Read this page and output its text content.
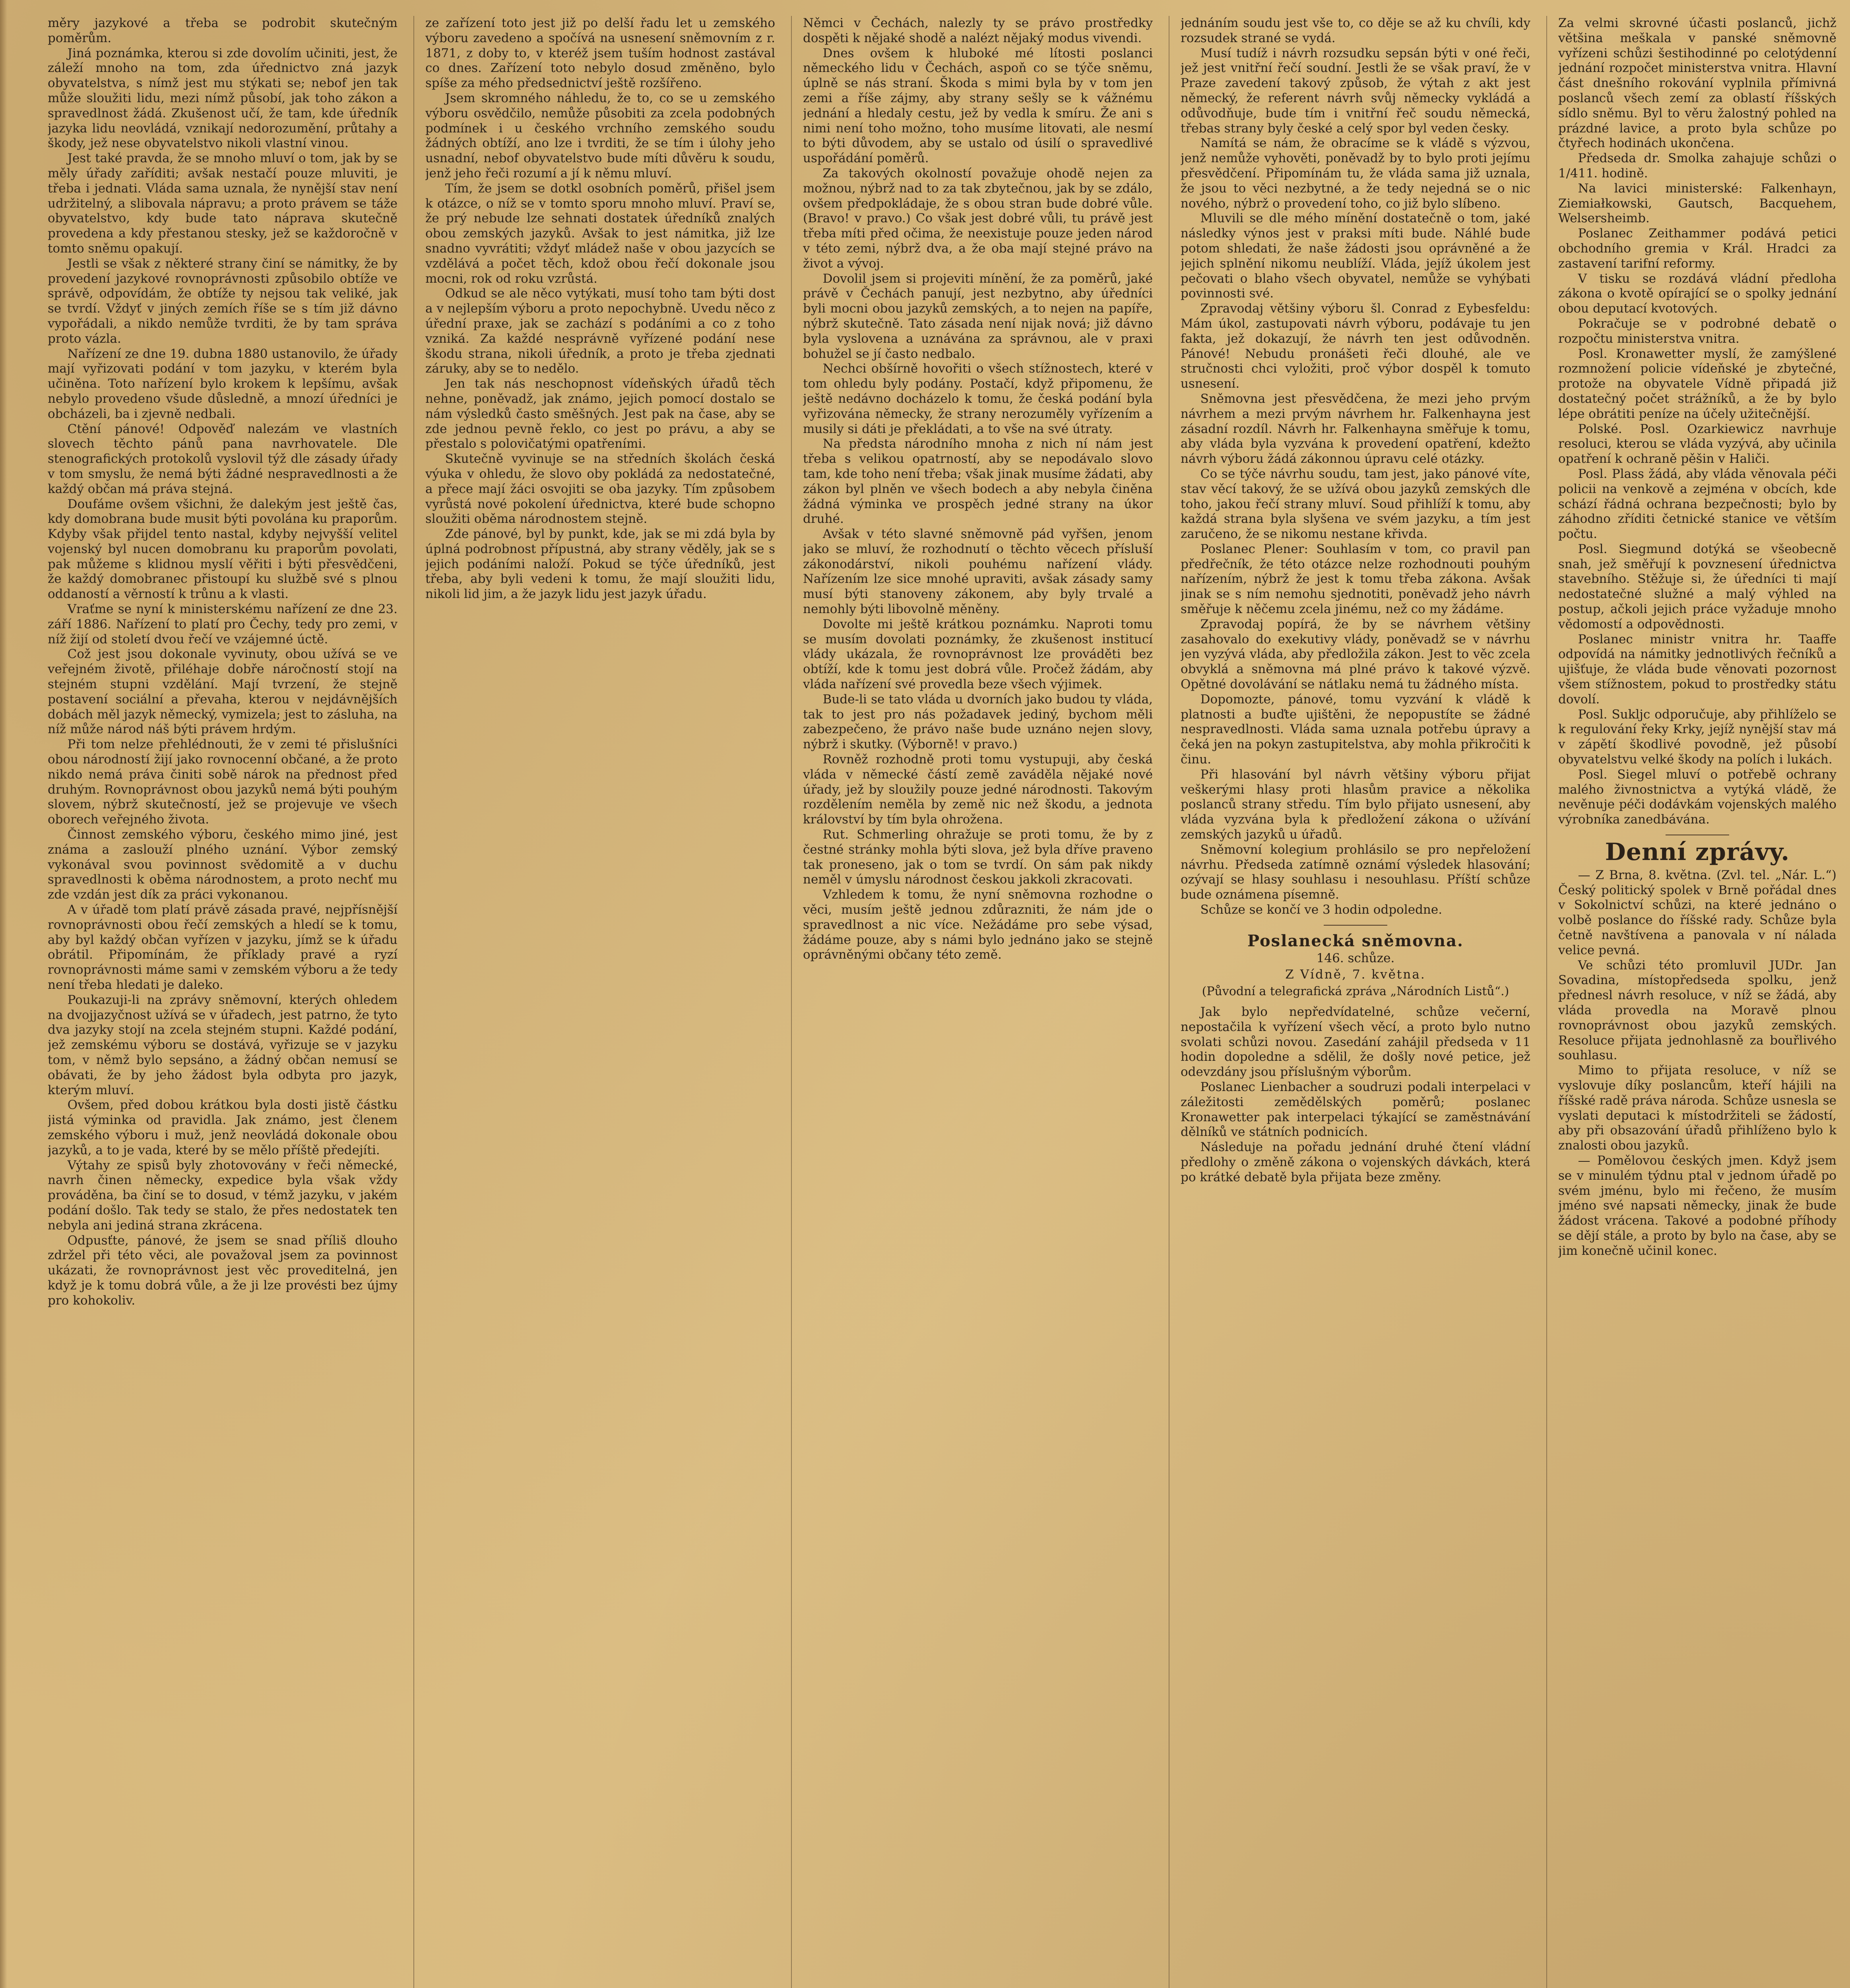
měry jazykové a třeba se podrobit skutečným poměrům.

Jiná poznámka, kterou si zde dovolím učiniti, jest, že záleží mnoho na tom, zda úřednictvo zná jazyk obyvatelstva, s nímž jest mu stýkati se; nebof jen tak může sloužiti lidu, mezi nímž působí, jak toho zákon a spravedlnost žádá. Zkušenost učí, že tam, kde úředník jazyka lidu neovládá, vznikají nedorozumění, průtahy a škody, jež nese obyvatelstvo nikoli vlastní vinou.

Jest také pravda, že se mnoho mluví o tom, jak by se měly úřady zaříditi; avšak nestačí pouze mluviti, je třeba i jednati. Vláda sama uznala, že nynější stav není udržitelný, a slibovala nápravu; a proto právem se táže obyvatelstvo, kdy bude tato náprava skutečně provedena a kdy přestanou stesky, jež se každoročně v tomto sněmu opakují.

Jestli se však z některé strany činí se námitky, že by provedení jazykové rovnoprávnosti způsobilo obtíže ve správě, odpovídám, že obtíže ty nejsou tak veliké, jak se tvrdí. Vždyť v jiných zemích říše se s tím již dávno vypořádali, a nikdo nemůže tvrditi, že by tam správa proto vázla.

Nařízení ze dne 19. dubna 1880 ustanovilo, že úřady mají vyřizovati podání v tom jazyku, v kterém byla učiněna. Toto nařízení bylo krokem k lepšímu, avšak nebylo provedeno všude důsledně, a mnozí úředníci je obcházeli, ba i zjevně nedbali.

Ctění pánové! Odpověď nalezám ve vlastních slovech těchto pánů pana navrhovatele. Dle stenografických protokolů vyslovil týž dle zásady úřady v tom smyslu, že nemá býti žádné nespravedlnosti a že každý občan má práva stejná.

Doufáme ovšem všichni, že dalekým jest ještě čas, kdy domobrana bude musit býti povolána ku praporům. Kdyby však přijdel tento nastal, kdyby nejvyšší velitel vojenský byl nucen domobranu ku praporům povolati, pak můžeme s klidnou myslí věřiti i býti přesvědčeni, že každý domobranec přistoupí ku službě své s plnou oddaností a věrností k trůnu a k vlasti.

Vraťme se nyní k ministerskému nařízení ze dne 23. září 1886. Nařízení to platí pro Čechy, tedy pro zemi, v níž žijí od století dvou řečí ve vzájemné úctě.

Což jest jsou dokonale vyvinuty, obou užívá se ve veřejném životě, přiléhaje dobře náročností stojí na stejném stupni vzdělání. Mají tvrzení, že stejně postavení sociální a převaha, kterou v nejdávnějších dobách měl jazyk německý, vymizela; jest to zásluha, na níž může národ náš býti právem hrdým.

Při tom nelze přehlédnouti, že v zemi té přislušníci obou národností žijí jako rovnocenní občané, a že proto nikdo nemá práva činiti sobě nárok na přednost před druhým. Rovnoprávnost obou jazyků nemá býti pouhým slovem, nýbrž skutečností, jež se projevuje ve všech oborech veřejného života.

Činnost zemského výboru, českého mimo jiné, jest známa a zaslouží plného uznání. Výbor zemský vykonával svou povinnost svědomitě a v duchu spravedlnosti k oběma národnostem, a proto nechť mu zde vzdán jest dík za práci vykonanou.

A v úřadě tom platí právě zásada pravé, nejpřísnější rovnoprávnosti obou řečí zemských a hledí se k tomu, aby byl každý občan vyřízen v jazyku, jímž se k úřadu obrátil. Připomínám, že příklady pravé a ryzí rovnoprávnosti máme sami v zemském výboru a že tedy není třeba hledati je daleko.

Poukazuji-li na zprávy sněmovní, kterých ohledem na dvojjazyčnost užívá se v úřadech, jest patrno, že tyto dva jazyky stojí na zcela stejném stupni. Každé podání, jež zemskému výboru se dostává, vyřizuje se v jazyku tom, v němž bylo sepsáno, a žádný občan nemusí se obávati, že by jeho žádost byla odbyta pro jazyk, kterým mluví.

Ovšem, před dobou krátkou byla dosti jistě částku jistá výminka od pravidla. Jak známo, jest členem zemského výboru i muž, jenž neovládá dokonale obou jazyků, a to je vada, které by se mělo příště předejíti.

Výtahy ze spisů byly zhotovovány v řeči německé, navrh činen německy, expedice byla však vždy prováděna, ba činí se to dosud, v témž jazyku, v jakém podání došlo. Tak tedy se stalo, že přes nedostatek ten nebyla ani jediná strana zkrácena.

Odpusťte, pánové, že jsem se snad příliš dlouho zdržel při této věci, ale považoval jsem za povinnost ukázati, že rovnoprávnost jest věc proveditelná, jen když je k tomu dobrá vůle, a že ji lze provésti bez újmy pro kohokoliv.

ze zařízení toto jest již po delší řadu let u zemského výboru zavedeno a spočívá na usnesení sněmovním z r. 1871, z doby to, v kteréž jsem tuším hodnost zastával co dnes. Zařízení toto nebylo dosud změněno, bylo spíše za mého předsednictví ještě rozšířeno.

Jsem skromného náhledu, že to, co se u zemského výboru osvědčilo, nemůže působiti za zcela podobných podmínek i u českého vrchního zemského soudu žádných obtíží, ano lze i tvrditi, že se tím i úlohy jeho usnadní, nebof obyvatelstvo bude míti důvěru k soudu, jenž jeho řeči rozumí a jí k němu mluví.

Tím, že jsem se dotkl osobních poměrů, přišel jsem k otázce, o níž se v tomto sporu mnoho mluví. Praví se, že prý nebude lze sehnati dostatek úředníků znalých obou zemských jazyků. Avšak to jest námitka, již lze snadno vyvrátiti; vždyť mládež naše v obou jazycích se vzdělává a počet těch, kdož obou řečí dokonale jsou mocni, rok od roku vzrůstá.

Odkud se ale něco vytýkati, musí toho tam býti dost a v nejlepším výboru a proto nepochybně. Uvedu něco z úřední praxe, jak se zachází s podáními a co z toho vzniká. Za každé nesprávně vyřízené podání nese škodu strana, nikoli úředník, a proto je třeba zjednati záruky, aby se to nedělo.

Jen tak nás neschopnost vídeňských úřadů těch nehne, poněvadž, jak známo, jejich pomocí dostalo se nám výsledků často směšných. Jest pak na čase, aby se zde jednou pevně řeklo, co jest po právu, a aby se přestalo s polovičatými opatřeními.

Skutečně vyvinuje se na středních školách česká výuka v ohledu, že slovo oby pokládá za nedostatečné, a přece mají žáci osvojiti se oba jazyky. Tím způsobem vyrůstá nové pokolení úřednictva, které bude schopno sloužiti oběma národnostem stejně.

Zde pánové, byl by punkt, kde, jak se mi zdá byla by úplná podrobnost přípustná, aby strany věděly, jak se s jejich podáními naloží. Pokud se týče úředníků, jest třeba, aby byli vedeni k tomu, že mají sloužiti lidu, nikoli lid jim, a že jazyk lidu jest jazyk úřadu.

Němci v Čechách, nalezly ty se právo prostředky dospěti k nějaké shodě a nalézt nějaký modus vivendi.

Dnes ovšem k hluboké mé lítosti poslanci německého lidu v Čechách, aspoň co se týče sněmu, úplně se nás straní. Škoda s mimi byla by v tom jen zemi a říše zájmy, aby strany sešly se k vážnému jednání a hledaly cestu, jež by vedla k smíru. Že ani s nimi není toho možno, toho musíme litovati, ale nesmí to býti důvodem, aby se ustalo od úsilí o spravedlivé uspořádání poměrů.

Za takových okolností považuje ohodě nejen za možnou, nýbrž nad to za tak zbytečnou, jak by se zdálo, ovšem předpokládaje, že s obou stran bude dobré vůle. (Bravo! v pravo.) Co však jest dobré vůli, tu právě jest třeba míti před očima, že neexistuje pouze jeden národ v této zemi, nýbrž dva, a že oba mají stejné právo na život a vývoj.

Dovolil jsem si projeviti mínění, že za poměrů, jaké právě v Čechách panují, jest nezbytno, aby úředníci byli mocni obou jazyků zemských, a to nejen na papíře, nýbrž skutečně. Tato zásada není nijak nová; již dávno byla vyslovena a uznávána za správnou, ale v praxi bohužel se jí často nedbalo.

Nechci obšírně hovořiti o všech stížnostech, které v tom ohledu byly podány. Postačí, když připomenu, že ještě nedávno docházelo k tomu, že česká podání byla vyřizována německy, že strany nerozuměly vyřízením a musily si dáti je překládati, a to vše na své útraty.

Na předsta národního mnoha z nich ní nám jest třeba s velikou opatrností, aby se nepodávalo slovo tam, kde toho není třeba; však jinak musíme žádati, aby zákon byl plněn ve všech bodech a aby nebyla činěna žádná výminka ve prospěch jedné strany na úkor druhé.

Avšak v této slavné sněmovně pád vyřšen, jenom jako se mluví, že rozhodnutí o těchto věcech přísluší zákonodárství, nikoli pouhému nařízení vlády. Nařízením lze sice mnohé upraviti, avšak zásady samy musí býti stanoveny zákonem, aby byly trvalé a nemohly býti libovolně měněny.

Dovolte mi ještě krátkou poznámku. Naproti tomu se musím dovolati poznámky, že zkušenost institucí vlády ukázala, že rovnoprávnost lze prováděti bez obtíží, kde k tomu jest dobrá vůle. Pročež žádám, aby vláda nařízení své provedla beze všech výjimek.

Bude-li se tato vláda u dvorních jako budou ty vláda, tak to jest pro nás požadavek jediný, bychom měli zabezpečeno, že právo naše bude uznáno nejen slovy, nýbrž i skutky. (Výborně! v pravo.)

Rovněž rozhodně proti tomu vystupuji, aby česká vláda v německé částí země zaváděla nějaké nové úřady, jež by sloužily pouze jedné národnosti. Takovým rozdělením neměla by země nic než škodu, a jednota království by tím byla ohrožena.

Rut. Schmerling ohražuje se proti tomu, že by z čestné stránky mohla býti slova, jež byla dříve praveno tak proneseno, jak o tom se tvrdí. On sám pak nikdy neměl v úmyslu národnost českou jakkoli zkracovati.

Vzhledem k tomu, že nyní sněmovna rozhodne o věci, musím ještě jednou zdůrazniti, že nám jde o spravedlnost a nic více. Nežádáme pro sebe výsad, žádáme pouze, aby s námi bylo jednáno jako se stejně oprávněnými občany této země.

jednáním soudu jest vše to, co děje se až ku chvíli, kdy rozsudek strané se vydá.

Musí tudíž i návrh rozsudku sepsán býti v oné řeči, jež jest vnitřní řečí soudní. Jestli že se však praví, že v Praze zavedení takový způsob, že výtah z akt jest německý, že referent návrh svůj německy vykládá a odůvodňuje, bude tím i vnitřní řeč soudu německá, třebas strany byly české a celý spor byl veden česky.

Namítá se nám, že obracíme se k vládě s výzvou, jenž nemůže vyhověti, poněvadž by to bylo proti jejímu přesvědčení. Připomínám tu, že vláda sama již uznala, že jsou to věci nezbytné, a že tedy nejedná se o nic nového, nýbrž o provedení toho, co již bylo slíbeno.

Mluvili se dle mého mínění dostatečně o tom, jaké následky výnos jest v praksi míti bude. Náhlé bude potom shledati, že naše žádosti jsou oprávněné a že jejich splnění nikomu neublíží. Vláda, jejíž úkolem jest pečovati o blaho všech obyvatel, nemůže se vyhýbati povinnosti své.

Zpravodaj většiny výboru šl. Conrad z Eybesfeldu: Mám úkol, zastupovati návrh výboru, podávaje tu jen fakta, jež dokazují, že návrh ten jest odůvodněn. Pánové! Nebudu pronášeti řeči dlouhé, ale ve stručnosti chci vyložiti, proč výbor dospěl k tomuto usnesení.

Sněmovna jest přesvědčena, že mezi jeho prvým návrhem a mezi prvým návrhem hr. Falkenhayna jest zásadní rozdíl. Návrh hr. Falkenhayna směřuje k tomu, aby vláda byla vyzvána k provedení opatření, kdežto návrh výboru žádá zákonnou úpravu celé otázky.

Co se týče návrhu soudu, tam jest, jako pánové víte, stav věcí takový, že se užívá obou jazyků zemských dle toho, jakou řečí strany mluví. Soud přihlíží k tomu, aby každá strana byla slyšena ve svém jazyku, a tím jest zaručeno, že se nikomu nestane křivda.

Poslanec Plener: Souhlasím v tom, co pravil pan předřečník, že této otázce nelze rozhodnouti pouhým nařízením, nýbrž že jest k tomu třeba zákona. Avšak jinak se s ním nemohu sjednotiti, poněvadž jeho návrh směřuje k něčemu zcela jinému, než co my žádáme.

Zpravodaj popírá, že by se návrhem většiny zasahovalo do exekutivy vlády, poněvadž se v návrhu jen vyzývá vláda, aby předložila zákon. Jest to věc zcela obvyklá a sněmovna má plné právo k takové výzvě. Opětné dovolávání se nátlaku nemá tu žádného místa.

Dopomozte, pánové, tomu vyzvání k vládě k platnosti a buďte ujištěni, že nepopustíte se žádné nespravedlnosti. Vláda sama uznala potřebu úpravy a čeká jen na pokyn zastupitelstva, aby mohla přikročiti k činu.

Při hlasování byl návrh většiny výboru přijat veškerými hlasy proti hlasům pravice a několika poslanců strany středu. Tím bylo přijato usnesení, aby vláda vyzvána byla k předložení zákona o užívání zemských jazyků u úřadů.

Sněmovní kolegium prohlásilo se pro nepřeložení návrhu. Předseda zatímně oznámí výsledek hlasování; ozývají se hlasy souhlasu i nesouhlasu. Příští schůze bude oznámena písemně.

Schůze se končí ve 3 hodin odpoledne.

Poslanecká sněmovna.
146. schůze.
Z Vídně, 7. května.
(Původní a telegrafická zpráva „Národních Listů“.)

Jak bylo nepředvídatelné, schůze večerní, nepostačila k vyřízení všech věcí, a proto bylo nutno svolati schůzi novou. Zasedání zahájil předseda v 11 hodin dopoledne a sdělil, že došly nové petice, jež odevzdány jsou příslušným výborům.

Poslanec Lienbacher a soudruzi podali interpelaci v záležitosti zemědělských poměrů; poslanec Kronawetter pak interpelaci týkající se zaměstnávání dělníků ve státních podnicích.

Následuje na pořadu jednání druhé čtení vládní předlohy o změně zákona o vojenských dávkách, která po krátké debatě byla přijata beze změny.

Za velmi skrovné účasti poslanců, jichž většina meškala v panské sněmovně vyřízeni schůzi šestihodinné po celotýdenní jednání rozpočet ministerstva vnitra. Hlavní část dnešního rokování vyplnila přímivná poslanců všech zemí za oblastí říšských sídlo sněmu. Byl to věru žalostný pohled na prázdné lavice, a proto byla schůze po čtyřech hodinách ukončena.

Předseda dr. Smolka zahajuje schůzi o 1/411. hodině.

Na lavici ministerské: Falkenhayn, Ziemiałkowski, Gautsch, Bacquehem, Welsersheimb.

Poslanec Zeithammer podává petici obchodního gremia v Král. Hradci za zastavení tarifní reformy.

V tisku se rozdává vládní předloha zákona o kvotě opírající se o spolky jednání obou deputací kvotových.

Pokračuje se v podrobné debatě o rozpočtu ministerstva vnitra.

Posl. Kronawetter myslí, že zamýšlené rozmnožení policie vídeňské je zbytečné, protože na obyvatele Vídně připadá již dostatečný počet strážníků, a že by bylo lépe obrátiti peníze na účely užitečnější.

Polské. Posl. Ozarkiewicz navrhuje resoluci, kterou se vláda vyzývá, aby učinila opatření k ochraně pěšin v Haliči.

Posl. Plass žádá, aby vláda věnovala péči policii na venkově a zejména v obcích, kde schází řádná ochrana bezpečnosti; bylo by záhodno zříditi četnické stanice ve větším počtu.

Posl. Siegmund dotýká se všeobecně snah, jež směřují k povznesení úřednictva stavebního. Stěžuje si, že úředníci ti mají nedostatečné služné a malý výhled na postup, ačkoli jejich práce vyžaduje mnoho vědomostí a odpovědnosti.

Poslanec ministr vnitra hr. Taaffe odpovídá na námitky jednotlivých řečníků a ujišťuje, že vláda bude věnovati pozornost všem stížnostem, pokud to prostředky státu dovolí.

Posl. Sukljc odporučuje, aby přihlíželo se k regulování řeky Krky, jejíž nynější stav má v zápětí škodlivé povodně, jež působí obyvatelstvu velké škody na polích i lukách.

Posl. Siegel mluví o potřebě ochrany malého živnostnictva a vytýká vládě, že nevěnuje péči dodávkám vojenských malého výrobníka zanedbávána.

Denní zprávy.

— Z Brna, 8. května. (Zvl. tel. „Nár. L.“) Český politický spolek v Brně pořádal dnes v Sokolnictví schůzi, na které jednáno o volbě poslance do říšské rady. Schůze byla četně navštívena a panovala v ní nálada velice pevná.

Ve schůzi této promluvil JUDr. Jan Sovadina, místopředseda spolku, jenž přednesl návrh resoluce, v níž se žádá, aby vláda provedla na Moravě plnou rovnoprávnost obou jazyků zemských. Resoluce přijata jednohlasně za bouřlivého souhlasu.

Mimo to přijata resoluce, v níž se vyslovuje díky poslancům, kteří hájili na říšské radě práva národa. Schůze usnesla se vyslati deputaci k místodržiteli se žádostí, aby při obsazování úřadů přihlíženo bylo k znalosti obou jazyků.

— Pomělovou českých jmen. Když jsem se v minulém týdnu ptal v jednom úřadě po svém jménu, bylo mi řečeno, že musím jméno své napsati německy, jinak že bude žádost vrácena. Takové a podobné příhody se dějí stále, a proto by bylo na čase, aby se jim konečně učinil konec.
